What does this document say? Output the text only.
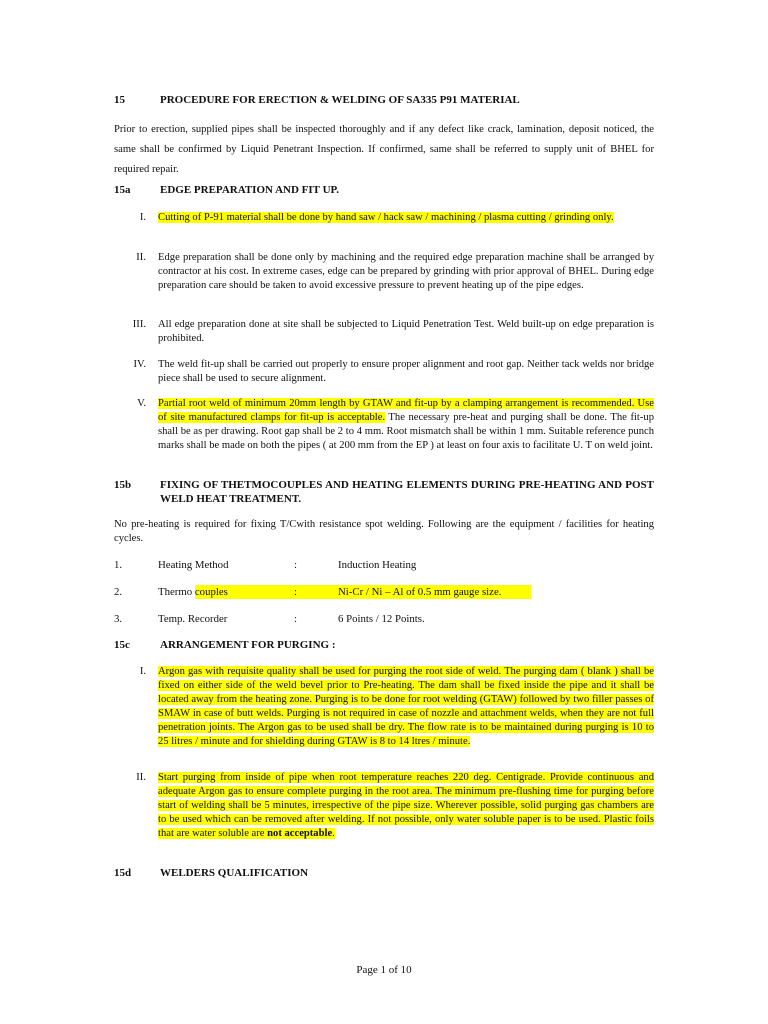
15	PROCEDURE FOR ERECTION & WELDING OF SA335 P91 MATERIAL
Prior to erection, supplied pipes shall be inspected thoroughly and if any defect like crack, lamination, deposit noticed, the same shall be confirmed by Liquid Penetrant Inspection. If confirmed, same shall be referred to supply unit of BHEL for required repair.
15a	EDGE PREPARATION AND FIT UP.
I. Cutting of P-91 material shall be done by hand saw / hack saw / machining / plasma cutting / grinding only.
II. Edge preparation shall be done only by machining and the required edge preparation machine shall be arranged by contractor at his cost. In extreme cases, edge can be prepared by grinding with prior approval of BHEL. During edge preparation care should be taken to avoid excessive pressure to prevent heating up of the pipe edges.
III. All edge preparation done at site shall be subjected to Liquid Penetration Test. Weld built-up on edge preparation is prohibited.
IV. The weld fit-up shall be carried out properly to ensure proper alignment and root gap. Neither tack welds nor bridge piece shall be used to secure alignment.
V. Partial root weld of minimum 20mm length by GTAW and fit-up by a clamping arrangement is recommended. Use of site manufactured clamps for fit-up is acceptable. The necessary pre-heat and purging shall be done. The fit-up shall be as per drawing. Root gap shall be 2 to 4 mm. Root mismatch shall be within 1 mm. Suitable reference punch marks shall be made on both the pipes ( at 200 mm from the EP ) at least on four axis to facilitate U. T on weld joint.
15b	FIXING OF THETMOCOUPLES AND HEATING ELEMENTS DURING PRE-HEATING AND POST WELD HEAT TREATMENT.
No pre-heating is required for fixing T/Cwith resistance spot welding. Following are the equipment / facilities for heating cycles.
1.	Heating Method	:	Induction Heating
2.	Thermo couples	:	Ni-Cr / Ni – Al of 0.5 mm gauge size.
3.	Temp. Recorder	:	6 Points / 12 Points.
15c	ARRANGEMENT FOR PURGING :
I. Argon gas with requisite quality shall be used for purging the root side of weld. The purging dam ( blank ) shall be fixed on either side of the weld bevel prior to Pre-heating. The dam shall be fixed inside the pipe and it shall be located away from the heating zone. Purging is to be done for root welding (GTAW) followed by two filler passes of SMAW in case of butt welds. Purging is not required in case of nozzle and attachment welds, when they are not full penetration joints. The Argon gas to be used shall be dry. The flow rate is to be maintained during purging is 10 to 25 litres / minute and for shielding during GTAW is 8 to 14 ltres / minute.
II. Start purging from inside of pipe when root temperature reaches 220 deg. Centigrade. Provide continuous and adequate Argon gas to ensure complete purging in the root area. The minimum pre-flushing time for purging before start of welding shall be 5 minutes, irrespective of the pipe size. Wherever possible, solid purging gas chambers are to be used which can be removed after welding. If not possible, only water soluble paper is to be used. Plastic foils that are water soluble are not acceptable.
15d	WELDERS QUALIFICATION
Page 1 of 10
